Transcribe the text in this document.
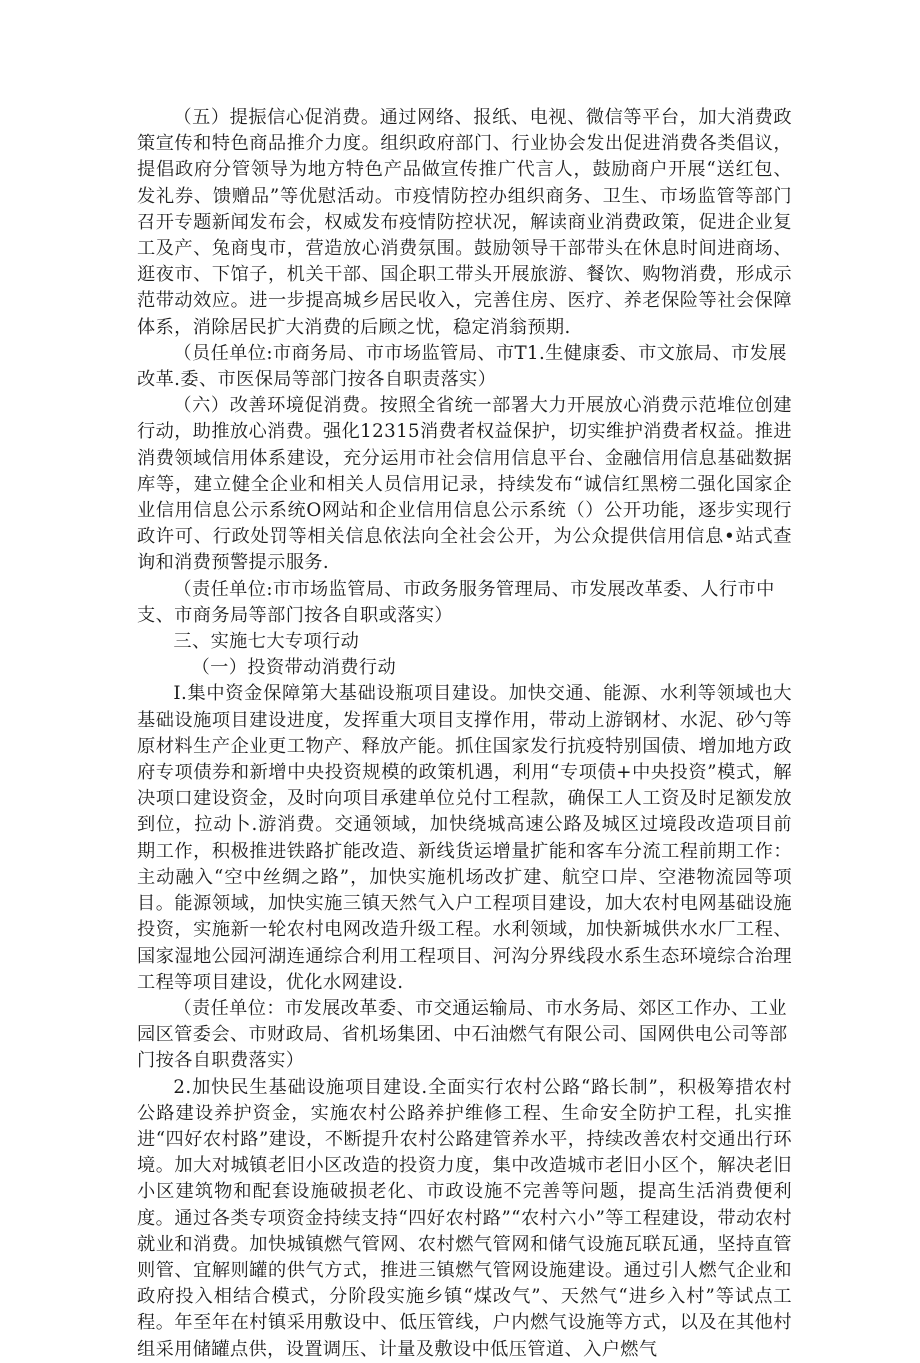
（五）提振信心促消费。通过网络、报纸、电视、微信等平台，加大消费政策宣传和特色商品推介力度。组织政府部门、行业协会发出促进消费各类倡议，提倡政府分管领导为地方特色产品做宣传推广代言人，鼓励商户开展“送红包、发礼券、馈赠品”等优慰活动。市疫情防控办组织商务、卫生、市场监管等部门召开专题新闻发布会，权威发布疫情防控状况，解读商业消费政策，促进企业复工及产、兔商曳市，营造放心消费氛围。鼓励领导干部带头在休息时间进商场、逛夜市、下馆子，机关干部、国企职工带头开展旅游、餐饮、购物消费，形成示范带动效应。进一步提高城乡居民收入，完善住房、医疗、养老保险等社会保障体系，消除居民扩大消费的后顾之忧，稳定消翁预期.

（员任单位:市商务局、市市场监管局、市T1.生健康委、市文旅局、市发展改革.委、市医保局等部门按各自职责落实）

（六）改善环境促消费。按照全省统一部署大力开展放心消费示范堆位创建行动，助推放心消费。强化12315消费者权益保护，切实维护消费者权益。推进消费领域信用体系建设，充分运用市社会信用信息平台、金融信用信息基础数据库等，建立健全企业和相关人员信用记录，持续发布“诚信红黑榜二强化国家企业信用信息公示系统O网站和企业信用信息公示系统（）公开功能，逐步实现行政许可、行政处罚等相关信息依法向全社会公开，为公众提供信用信息•站式查询和消费预警提示服务.

（责任单位:市市场监管局、市政务服务管理局、市发展改革委、人行市中支、市商务局等部门按各自职或落实）

三、实施七大专项行动
（一）投资带动消费行动

I.集中资金保障第大基础设瓶项目建设。加快交通、能源、水利等领域也大基础设施项目建设进度，发挥重大项目支撑作用，带动上游钢材、水泥、砂勺等原材料生产企业更工物产、释放产能。抓住国家发行抗疫特别国债、增加地方政府专项债券和新增中央投资规模的政策机遇，利用“专项债+中央投资”模式，解决项口建设资金，及时向项目承建单位兑付工程款，确保工人工资及时足额发放到位，拉动卜.游消费。交通领域，加快绕城高速公路及城区过境段改造项目前期工作，积极推进铁路扩能改造、新线货运增量扩能和客车分流工程前期工作：主动融入“空中丝绸之路”，加快实施机场改扩建、航空口岸、空港物流园等项目。能源领域，加快实施三镇天然气入户工程项目建设，加大农村电网基础设施投资，实施新一轮农村电网改造升级工程。水利领域，加快新城供水水厂工程、国家湿地公园河湖连通综合利用工程项目、河沟分界线段水系生态环境综合治理工程等项目建设，优化水网建设.

（责任单位：市发展改革委、市交通运输局、市水务局、郊区工作办、工业园区管委会、市财政局、省机场集团、中石油燃气有限公司、国网供电公司等部门按各自职费落实）

2.加快民生基础设施项目建设.全面实行农村公路“路长制”，积极筹措农村公路建设养护资金，实施农村公路养护维修工程、生命安全防护工程，扎实推进“四好农村路”建设，不断提升农村公路建管养水平，持续改善农村交通出行环境。加大对城镇老旧小区改造的投资力度，集中改造城市老旧小区个，解决老旧小区建筑物和配套设施破损老化、市政设施不完善等问题，提高生活消费便利度。通过各类专项资金持续支持“四好农村路”“农村六小”等工程建设，带动农村就业和消费。加快城镇燃气管网、农村燃气管网和储气设施瓦联瓦通，坚持直管则管、宜解则罐的供气方式，推进三镇燃气管网设施建设。通过引人燃气企业和政府投入相结合模式，分阶段实施乡镇“煤改气”、天然气“进乡入村”等试点工程。年至年在村镇采用敷设中、低压管线，户内燃气设施等方式，以及在其他村组采用储罐点供，设置调压、计量及敷设中低压管道、入户燃气
